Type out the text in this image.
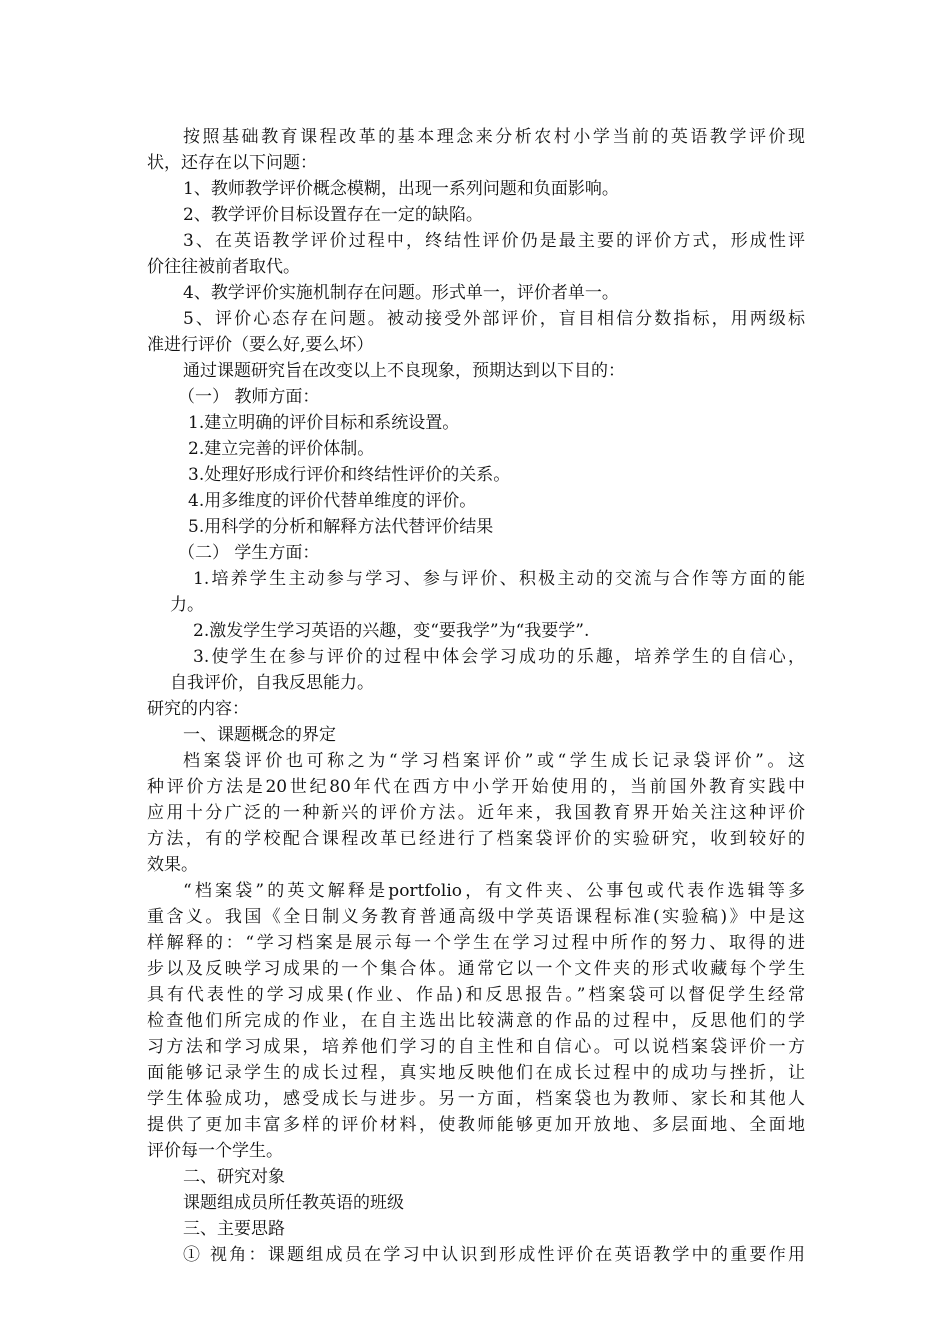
按照基础教育课程改革的基本理念来分析农村小学当前的英语教学评价现
状，还存在以下问题：
1、教师教学评价概念模糊，出现一系列问题和负面影响。
2、教学评价目标设置存在一定的缺陷。
3、在英语教学评价过程中，终结性评价仍是最主要的评价方式，形成性评
价往往被前者取代。
4、教学评价实施机制存在问题。形式单一，评价者单一。
5、评价心态存在问题。被动接受外部评价，盲目相信分数指标，用两级标
准进行评价（要么好,要么坏）
通过课题研究旨在改变以上不良现象，预期达到以下目的：
（一） 教师方面：
1.建立明确的评价目标和系统设置。
2.建立完善的评价体制。
3.处理好形成行评价和终结性评价的关系。
4.用多维度的评价代替单维度的评价。
5.用科学的分析和解释方法代替评价结果
（二） 学生方面：
1.培养学生主动参与学习、参与评价、积极主动的交流与合作等方面的能
力。
2.激发学生学习英语的兴趣，变“要我学”为“我要学”.
3.使学生在参与评价的过程中体会学习成功的乐趣，培养学生的自信心，
自我评价，自我反思能力。
研究的内容：
一、课题概念的界定
档案袋评价也可称之为“学习档案评价”或“学生成长记录袋评价”。这
种评价方法是20世纪80年代在西方中小学开始使用的，当前国外教育实践中
应用十分广泛的一种新兴的评价方法。近年来，我国教育界开始关注这种评价
方法，有的学校配合课程改革已经进行了档案袋评价的实验研究，收到较好的
效果。
“档案袋”的英文解释是portfolio，有文件夹、公事包或代表作选辑等多
重含义。我国《全日制义务教育普通高级中学英语课程标准(实验稿)》中是这
样解释的：“学习档案是展示每一个学生在学习过程中所作的努力、取得的进
步以及反映学习成果的一个集合体。通常它以一个文件夹的形式收藏每个学生
具有代表性的学习成果(作业、作品)和反思报告。”档案袋可以督促学生经常
检查他们所完成的作业，在自主选出比较满意的作品的过程中，反思他们的学
习方法和学习成果，培养他们学习的自主性和自信心。可以说档案袋评价一方
面能够记录学生的成长过程，真实地反映他们在成长过程中的成功与挫折，让
学生体验成功，感受成长与进步。另一方面，档案袋也为教师、家长和其他人
提供了更加丰富多样的评价材料，使教师能够更加开放地、多层面地、全面地
评价每一个学生。
二、研究对象
课题组成员所任教英语的班级
三、主要思路
① 视角：课题组成员在学习中认识到形成性评价在英语教学中的重要作用
